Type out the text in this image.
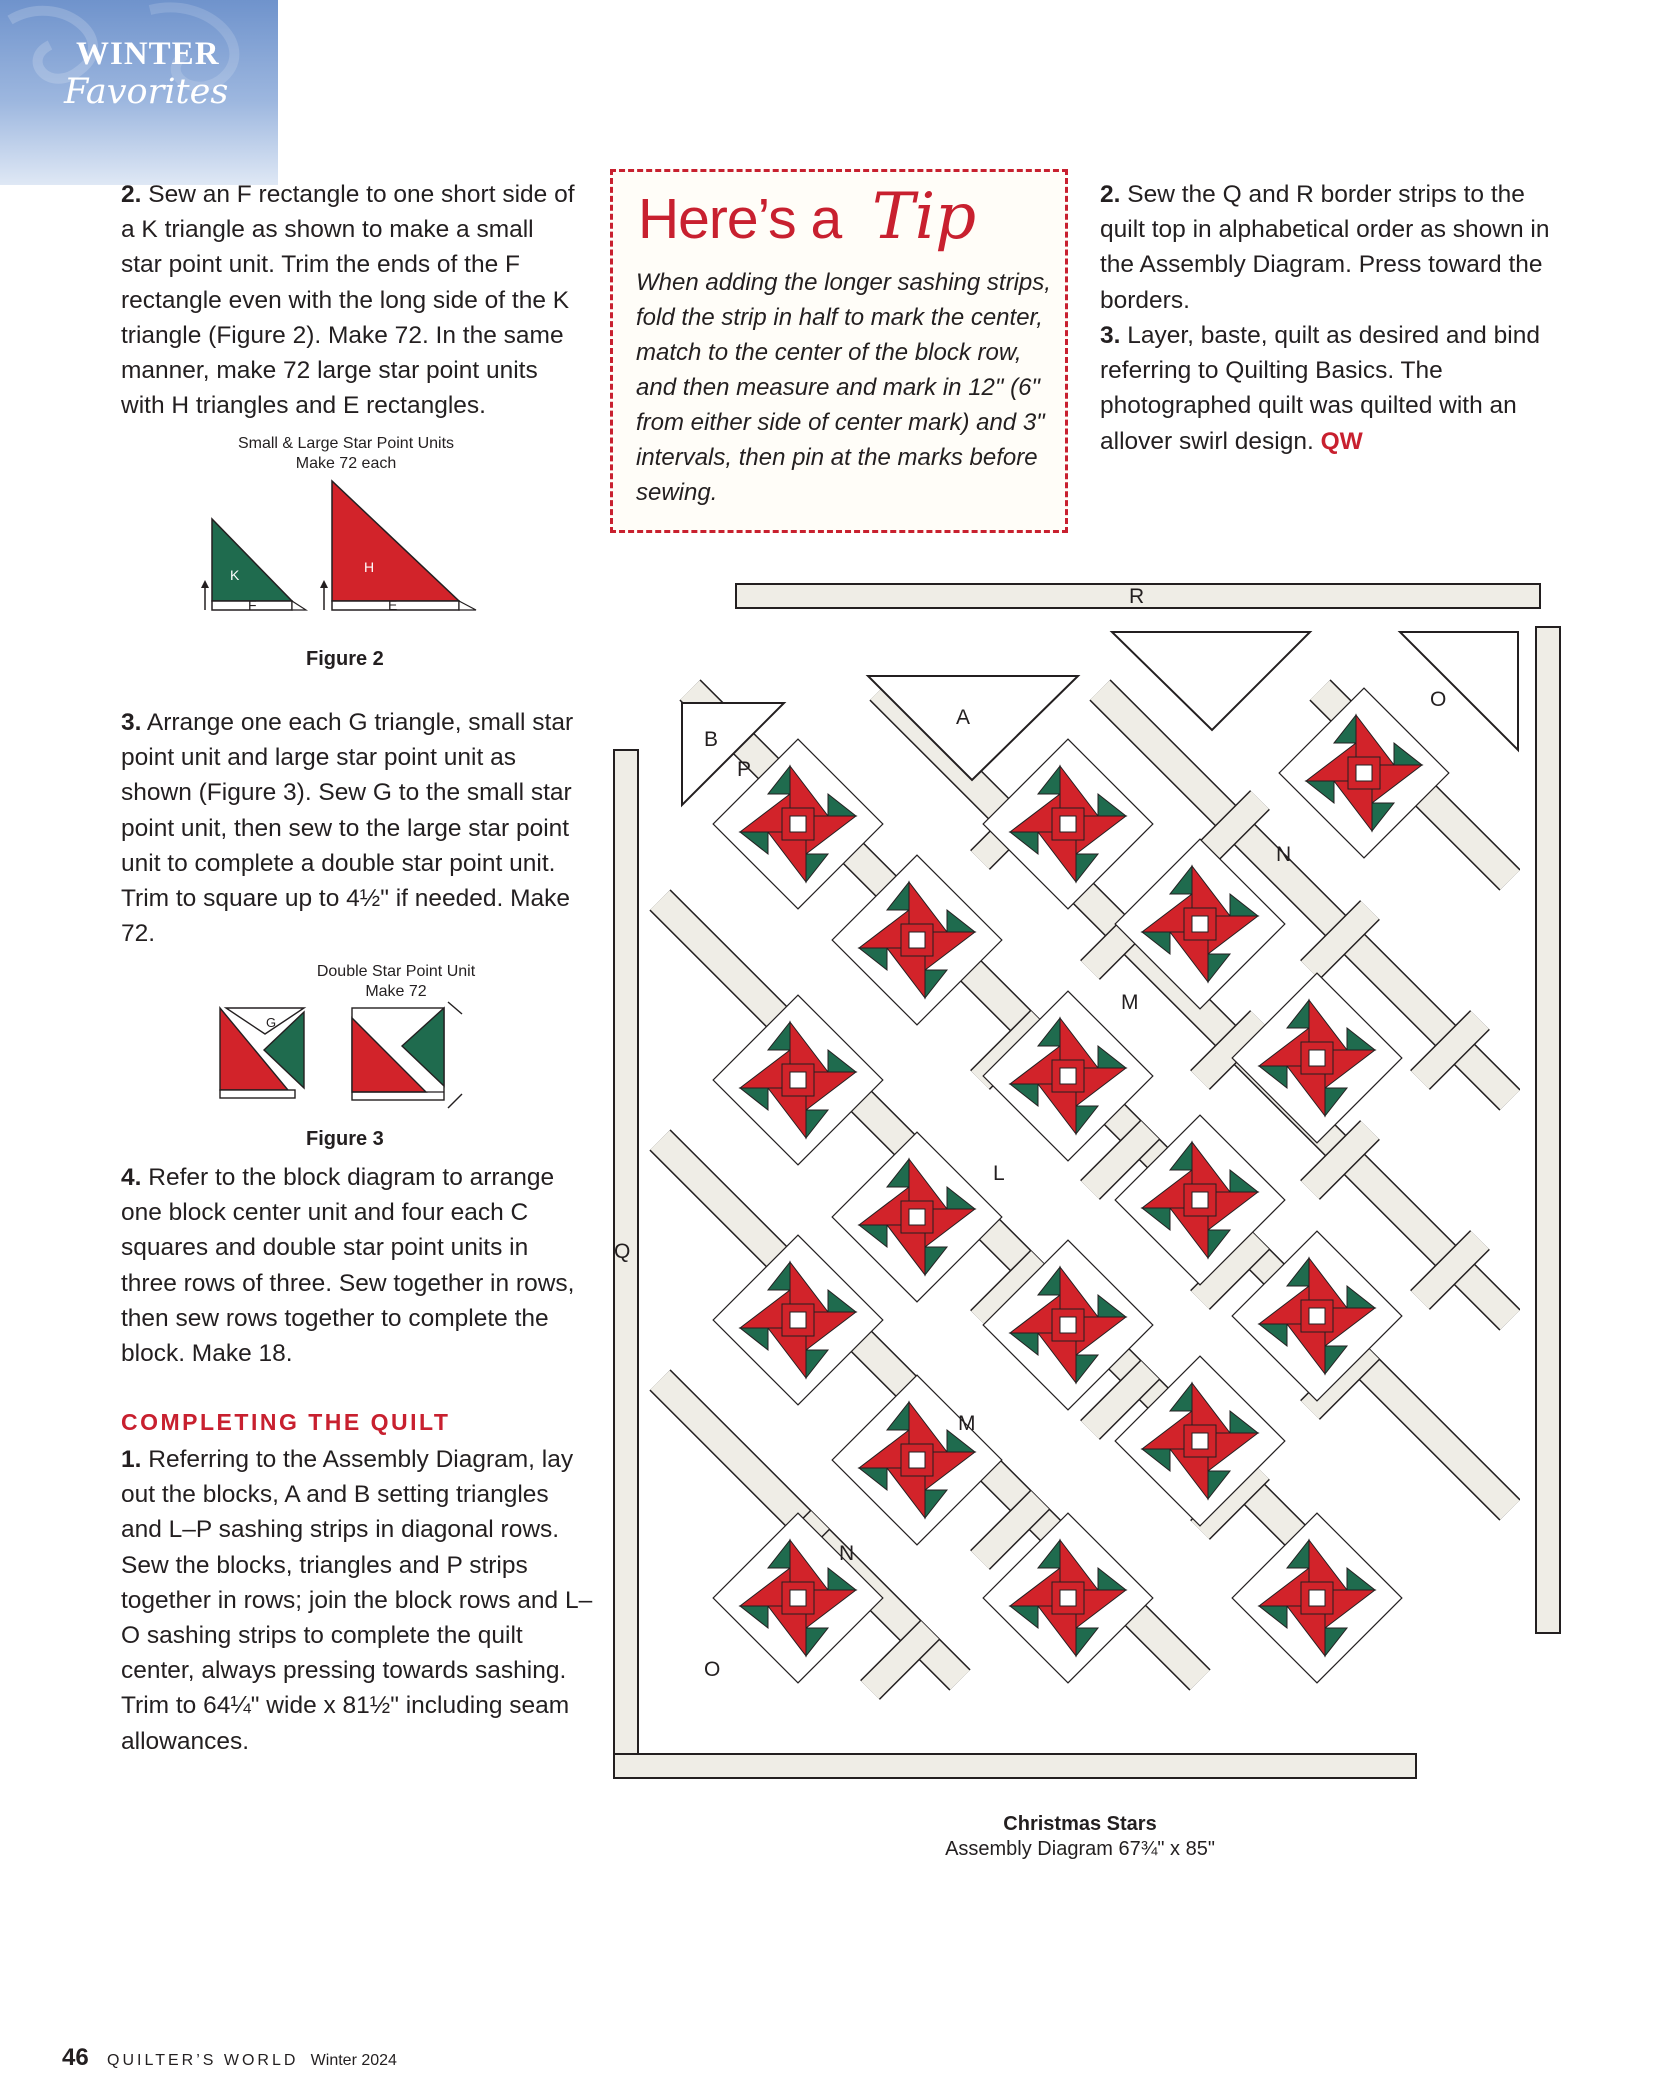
WINTER
Favorites

2. Sew an F rectangle to one short side of a K triangle as shown to make a small star point unit. Trim the ends of the F rectangle even with the long side of the K triangle (Figure 2). Make 72. In the same manner, make 72 large star point units with H triangles and E rectangles.

Small & Large Star Point Units
Make 72 each
K
F
H
E
Figure 2

3. Arrange one each G triangle, small star point unit and large star point unit as shown (Figure 3). Sew G to the small star point unit, then sew to the large star point unit to complete a double star point unit. Trim to square up to 4½" if needed. Make 72.

Double Star Point Unit
Make 72
G
Figure 3

4. Refer to the block diagram to arrange one block center unit and four each C squares and double star point units in three rows of three. Sew together in rows, then sew rows together to complete the block. Make 18.

COMPLETING THE QUILT

1. Referring to the Assembly Diagram, lay out the blocks, A and B setting triangles and L–P sashing strips in diagonal rows. Sew the blocks, triangles and P strips together in rows; join the block rows and L–O sashing strips to complete the quilt center, always pressing towards sashing. Trim to 64¼" wide x 81½" including seam allowances.

Here’s a Tip
When adding the longer sashing strips, fold the strip in half to mark the center, match to the center of the block row, and then measure and mark in 12" (6" from either side of center mark) and 3" intervals, then pin at the marks before sewing.

2. Sew the Q and R border strips to the quilt top in alphabetical order as shown in the Assembly Diagram. Press toward the borders.

3. Layer, baste, quilt as desired and bind referring to Quilting Basics. The photographed quilt was quilted with an allover swirl design. QW

R
Q
A
B
P
O
N
M
L
M
N
O
Christmas Stars
Assembly Diagram 67¾" x 85"
46 QUILTER’S WORLD Winter 2024
